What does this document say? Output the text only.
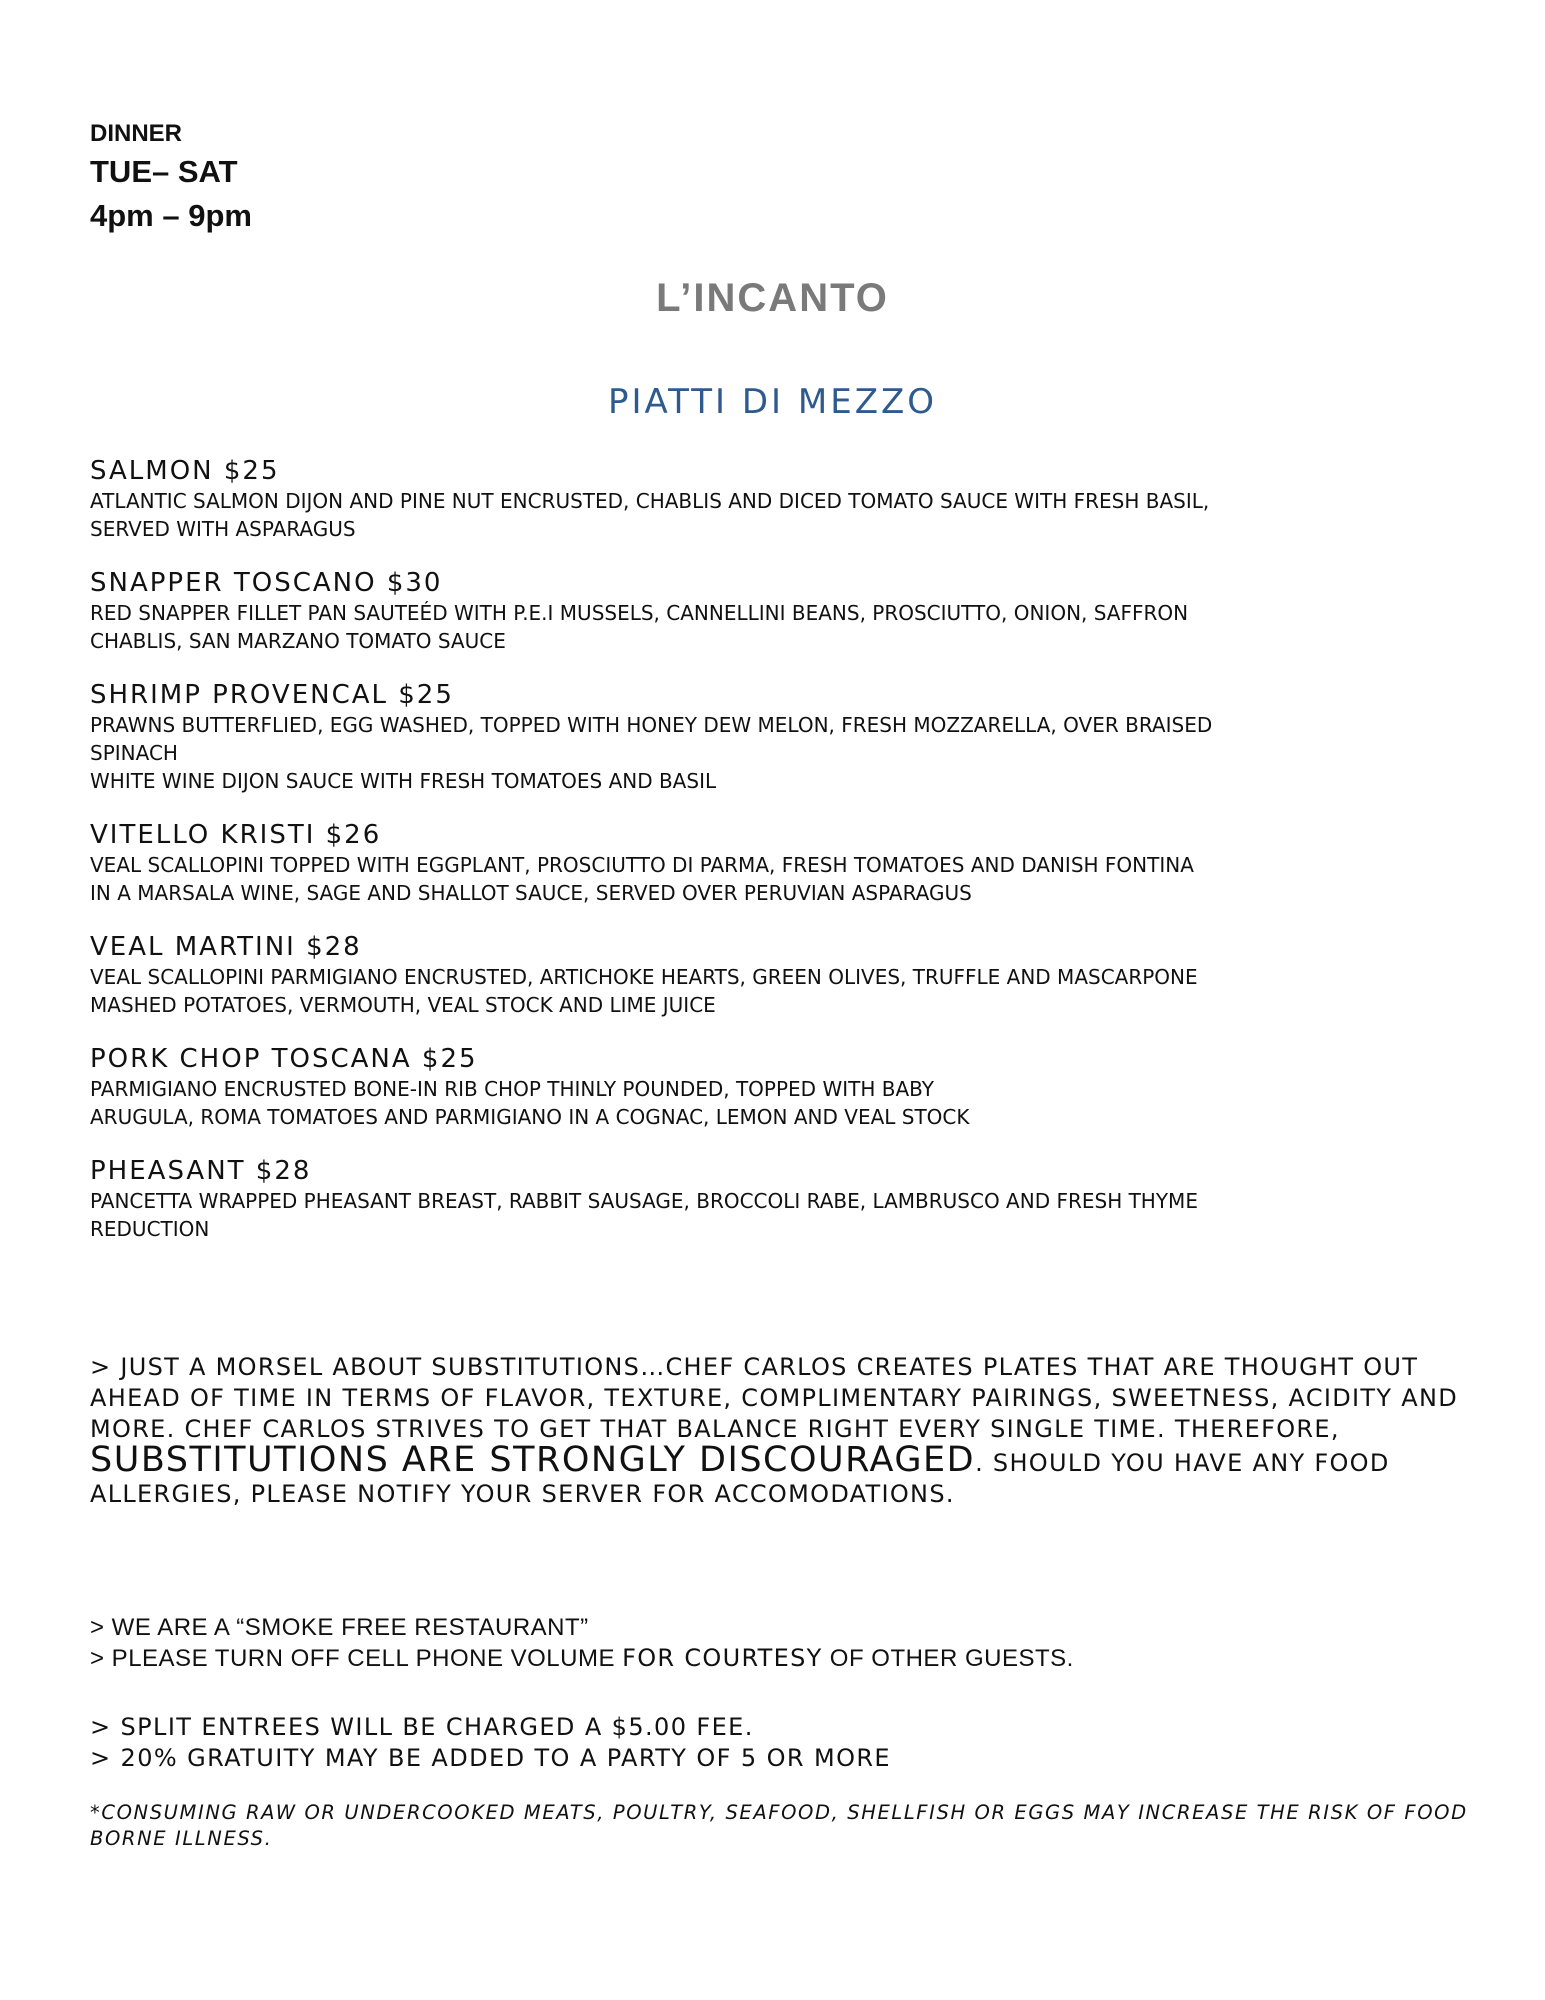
DINNER
TUE– SAT
4pm – 9pm
L’INCANTO
PIATTI DI MEZZO
SALMON $25
ATLANTIC SALMON DIJON AND PINE NUT ENCRUSTED, CHABLIS AND DICED TOMATO SAUCE WITH FRESH BASIL,
SERVED WITH ASPARAGUS
SNAPPER TOSCANO $30
RED SNAPPER FILLET PAN SAUTEÉD WITH P.E.I MUSSELS, CANNELLINI BEANS, PROSCIUTTO, ONION, SAFFRON
CHABLIS, SAN MARZANO TOMATO SAUCE
SHRIMP PROVENCAL $25
PRAWNS BUTTERFLIED, EGG WASHED, TOPPED WITH HONEY DEW MELON, FRESH MOZZARELLA, OVER BRAISED
SPINACH
WHITE WINE DIJON SAUCE WITH FRESH TOMATOES AND BASIL
VITELLO KRISTI $26
VEAL SCALLOPINI TOPPED WITH EGGPLANT, PROSCIUTTO DI PARMA, FRESH TOMATOES AND DANISH FONTINA
IN A MARSALA WINE, SAGE AND SHALLOT SAUCE, SERVED OVER PERUVIAN ASPARAGUS
VEAL MARTINI $28
VEAL SCALLOPINI PARMIGIANO ENCRUSTED, ARTICHOKE HEARTS, GREEN OLIVES, TRUFFLE AND MASCARPONE
MASHED POTATOES, VERMOUTH, VEAL STOCK AND LIME JUICE
PORK CHOP TOSCANA $25
PARMIGIANO ENCRUSTED BONE-IN RIB CHOP THINLY POUNDED, TOPPED WITH BABY
ARUGULA, ROMA TOMATOES AND PARMIGIANO IN A COGNAC, LEMON AND VEAL STOCK
PHEASANT $28
PANCETTA WRAPPED PHEASANT BREAST, RABBIT SAUSAGE, BROCCOLI RABE, LAMBRUSCO AND FRESH THYME
REDUCTION
> JUST A MORSEL ABOUT SUBSTITUTIONS…CHEF CARLOS CREATES PLATES THAT ARE THOUGHT OUT AHEAD OF TIME IN TERMS OF FLAVOR, TEXTURE, COMPLIMENTARY PAIRINGS, SWEETNESS, ACIDITY AND MORE. CHEF CARLOS STRIVES TO GET THAT BALANCE RIGHT EVERY SINGLE TIME. THEREFORE, SUBSTITUTIONS ARE STRONGLY DISCOURAGED. SHOULD YOU HAVE ANY FOOD ALLERGIES, PLEASE NOTIFY YOUR SERVER FOR ACCOMODATIONS.
> WE ARE A “SMOKE FREE RESTAURANT”
> PLEASE TURN OFF CELL PHONE VOLUME FOR COURTESY OF OTHER GUESTS.
> SPLIT ENTREES WILL BE CHARGED A $5.00 FEE.
> 20% GRATUITY MAY BE ADDED TO A PARTY OF 5 OR MORE
*CONSUMING RAW OR UNDERCOOKED MEATS, POULTRY, SEAFOOD, SHELLFISH OR EGGS MAY INCREASE THE RISK OF FOOD BORNE ILLNESS.
